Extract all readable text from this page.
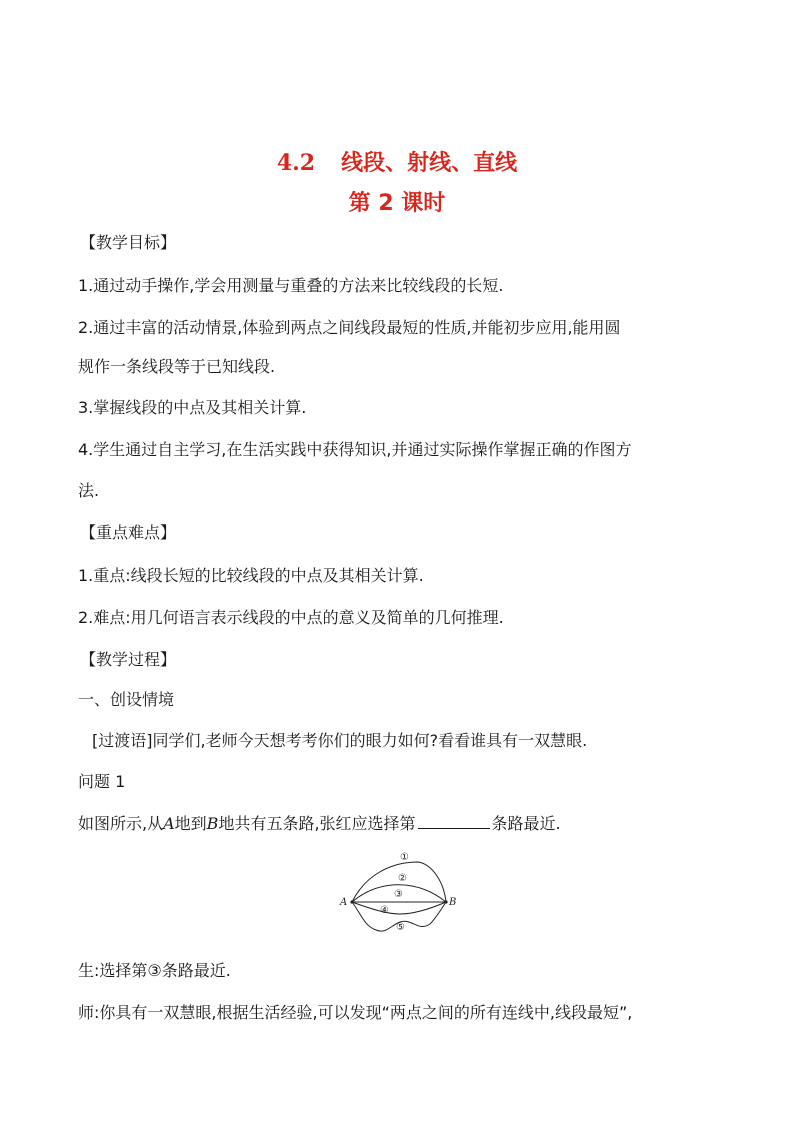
4.2 线段、射线、直线
第 2 课时
【教学目标】
1.通过动手操作,学会用测量与重叠的方法来比较线段的长短.
2.通过丰富的活动情景,体验到两点之间线段最短的性质,并能初步应用,能用圆
规作一条线段等于已知线段.
3.掌握线段的中点及其相关计算.
4.学生通过自主学习,在生活实践中获得知识,并通过实际操作掌握正确的作图方
法.
【重点难点】
1.重点:线段长短的比较线段的中点及其相关计算.
2.难点:用几何语言表示线段的中点的意义及简单的几何推理.
【教学过程】
一、创设情境
[过渡语]同学们,老师今天想考考你们的眼力如何?看看谁具有一双慧眼.
问题 1
如图所示,从A地到B地共有五条路,张红应选择第	条路最近.
A	B
①
②
③
④
⑤
生:选择第③条路最近.
师:你具有一双慧眼,根据生活经验,可以发现“两点之间的所有连线中,线段最短”,
